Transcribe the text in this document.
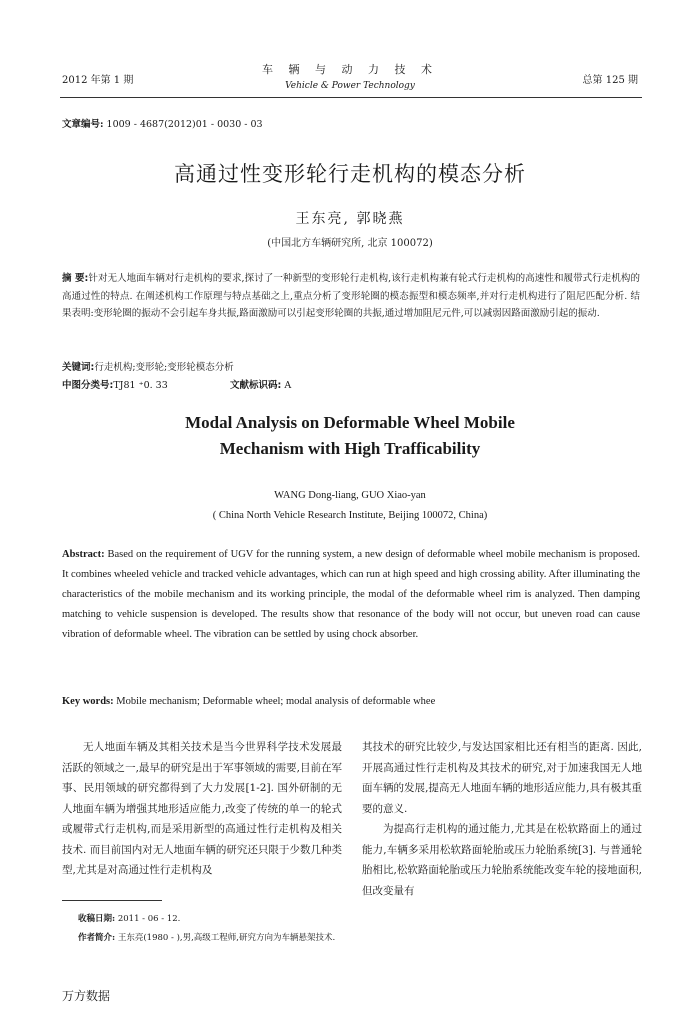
2012 年第 1 期
车 辆 与 动 力 技 术
Vehicle & Power Technology	总第 125 期
文章编号: 1009 - 4687(2012)01 - 0030 - 03
高通过性变形轮行走机构的模态分析
王东亮, 郭晓燕
(中国北方车辆研究所, 北京 100072)
摘 要:针对无人地面车辆对行走机构的要求,探讨了一种新型的变形轮行走机构,该行走机构兼有轮式行走机构的高速性和履带式行走机构的高通过性的特点. 在阐述机构工作原理与特点基础之上,重点分析了变形轮圈的模态振型和模态频率,并对行走机构进行了阻尼匹配分析. 结果表明:变形轮圈的振动不会引起车身共振,路面激励可以引起变形轮圈的共振,通过增加阻尼元件,可以减弱因路面激励引起的振动.
关键词:行走机构;变形轮;变形轮模态分析
中图分类号:TJ81 ⁺0. 33	文献标识码: A
Modal Analysis on Deformable Wheel Mobile
Mechanism with High Trafficability
WANG Dong-liang, GUO Xiao-yan
( China North Vehicle Research Institute, Beijing 100072, China)
Abstract: Based on the requirement of UGV for the running system, a new design of deformable wheel mobile mechanism is proposed. It combines wheeled vehicle and tracked vehicle advantages, which can run at high speed and high crossing ability. After illuminating the characteristics of the mobile mechanism and its working principle, the modal of the deformable wheel rim is analyzed. Then damping matching to vehicle suspension is developed. The results show that resonance of the body will not occur, but uneven road can cause vibration of deformable wheel. The vibration can be settled by using chock absorber.
Key words: Mobile mechanism; Deformable wheel; modal analysis of deformable whee

无人地面车辆及其相关技术是当今世界科学技术发展最活跃的领域之一,最早的研究是出于军事领域的需要,目前在军事、民用领域的研究都得到了大力发展[1-2]. 国外研制的无人地面车辆为增强其地形适应能力,改变了传统的单一的轮式或履带式行走机构,而是采用新型的高通过性行走机构及相关技术. 而目前国内对无人地面车辆的研究还只限于少数几种类型,尤其是对高通过性行走机构及

其技术的研究比较少,与发达国家相比还有相当的距离. 因此,开展高通过性行走机构及其技术的研究,对于加速我国无人地面车辆的发展,提高无人地面车辆的地形适应能力,具有极其重要的意义.

为提高行走机构的通过能力,尤其是在松软路面上的通过能力,车辆多采用松软路面轮胎或压力轮胎系统[3]. 与普通轮胎相比,松软路面轮胎或压力轮胎系统能改变车轮的接地面积,但改变量有

收稿日期: 2011 - 06 - 12.
作者简介: 王东亮(1980 - ),男,高级工程师,研究方向为车辆悬架技术.
万方数据
